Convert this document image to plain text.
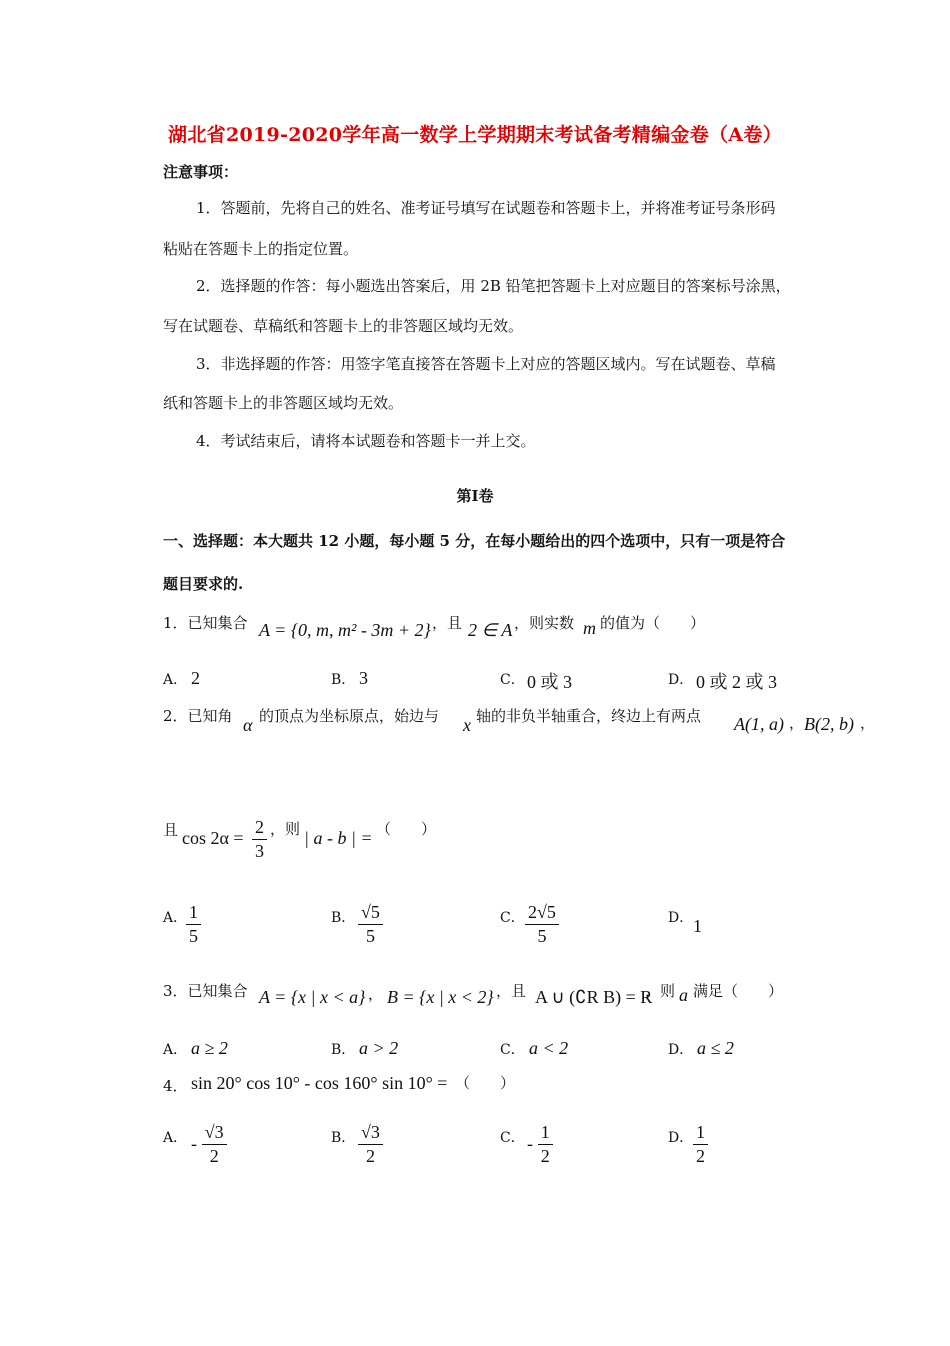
湖北省2019-2020学年高一数学上学期期末考试备考精编金卷（A卷）
注意事项：
1．答题前，先将自己的姓名、准考证号填写在试题卷和答题卡上，并将准考证号条形码
粘贴在答题卡上的指定位置。
2．选择题的作答：每小题选出答案后，用 2B 铅笔把答题卡上对应题目的答案标号涂黑，
写在试题卷、草稿纸和答题卡上的非答题区域均无效。
3．非选择题的作答：用签字笔直接答在答题卡上对应的答题区域内。写在试题卷、草稿
纸和答题卡上的非答题区域均无效。
4．考试结束后，请将本试题卷和答题卡一并上交。
第Ⅰ卷
一、选择题：本大题共 12 小题，每小题 5 分，在每小题给出的四个选项中，只有一项是符合
题目要求的.
1．已知集合 A = {0, m, m² - 3m + 2} ，且 2 ∈ A ，则实数 m 的值为（　　）
A． 2	B． 3	C． 0 或 3	D． 0 或 2 或 3
2．已知角 α 的顶点为坐标原点，始边与 x 轴的非负半轴重合，终边上有两点 A(1, a) ， B(2, b) ，
且 $\cos 2\alpha = \frac{2}{3}$ ，则 | a - b | = （　　）
A．
$\frac{1}{5}$	B． $\frac{√5}{5}$	C． $\frac{2√5}{5}$	D． 1
3．已知集合 A = {x | x < a} ， B = {x | x < 2} ，且 A ∪ (∁R B) = R
，则 a 满足（　　）
A． a ≥ 2	B． a > 2	C． a < 2	D． a ≤ 2
4． sin 20° cos 10° - cos 160° sin 10° = （　　）
A． - $\frac{√3}{2}$	B． $\frac{√3}{2}$	C． - $\frac{1}{2}$	D． $\frac{1}{2}$
